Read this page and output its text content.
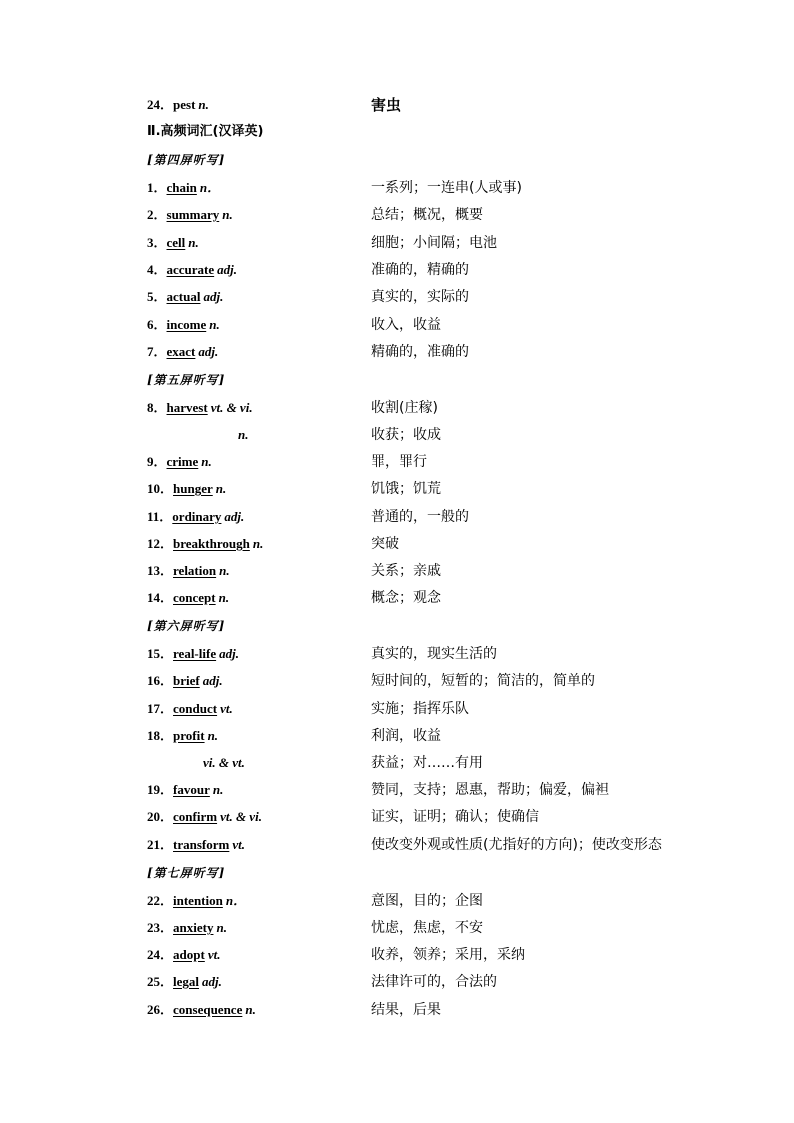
24．pest n.	害虫
Ⅱ.高频词汇(汉译英)
[第四屏听写]
1．chain n．	一系列；一连串(人或事)
2．summary n.	总结；概况，概要
3．cell n.	细胞；小间隔；电池
4．accurate adj.	准确的，精确的
5．actual adj.	真实的，实际的
6．income n.	收入，收益
7．exact adj.	精确的，准确的
[第五屏听写]
8．harvest vt. & vi.	收割(庄稼)
n.	收获；收成
9．crime n.	罪，罪行
10．hunger n.	饥饿；饥荒
11．ordinary adj.	普通的，一般的
12．breakthrough n.	突破
13．relation n.	关系；亲戚
14．concept n.	概念；观念
[第六屏听写]
15．real-life adj.	真实的，现实生活的
16．brief adj.	短时间的，短暂的；简洁的，简单的
17．conduct vt.	实施；指挥乐队
18．profit n.	利润，收益
vi. & vt.	获益；对……有用
19．favour n.	赞同，支持；恩惠，帮助；偏爱，偏袒
20．confirm vt. & vi.	证实，证明；确认；使确信
21．transform vt.	使改变外观或性质(尤指好的方向)；使改变形态
[第七屏听写]
22．intention n．	意图，目的；企图
23．anxiety n.	忧虑，焦虑，不安
24．adopt vt.	收养，领养；采用，采纳
25．legal adj.	法律许可的，合法的
26．consequence n.	结果，后果
